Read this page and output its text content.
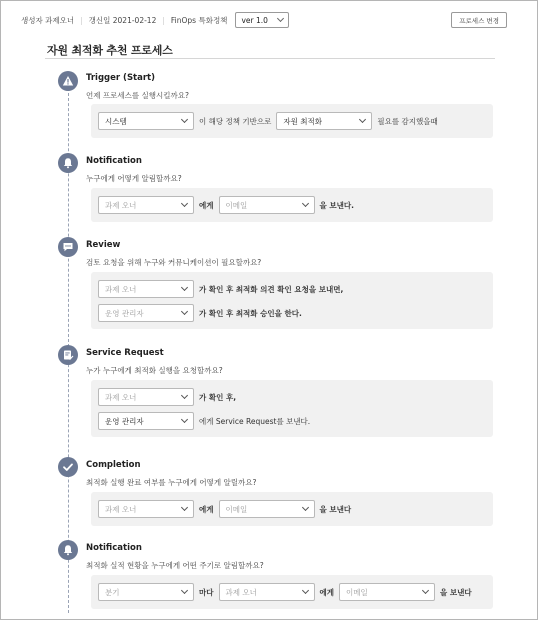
생성자 과제오너 | 갱신일 2021-02-12 | FinOps 특화정책 ver 1.0	프로세스 변경
자원 최적화 추천 프로세스
Trigger (Start)
언제 프로세스를 실행시킬까요?
시스템	이 해당 정책 기반으로 자원 최적화	필요를 감지했을때
Notification
누구에게 어떻게 알림할까요?
과제 오너	에게 이메일	을 보낸다.
Review
검토 요청을 위해 누구와 커뮤니케이션이 필요할까요?
과제 오너	가 확인 후 최적화 의견 확인 요청을 보내면,
운영 관리자	가 확인 후 최적화 승인을 한다.
Service Request
누가 누구에게 최적화 실행을 요청할까요?
과제 오너	가 확인 후,
운영 관리자	에게 Service Request를 보낸다.
Completion
최적화 실행 완료 여부를 누구에게 어떻게 알릴까요?
과제 오너	에게 이메일	을 보낸다
Notification
최적화 실적 현황을 누구에게 어떤 주기로 알림할까요?
분기	마다 과제 오너	에게 이메일	을 보낸다
